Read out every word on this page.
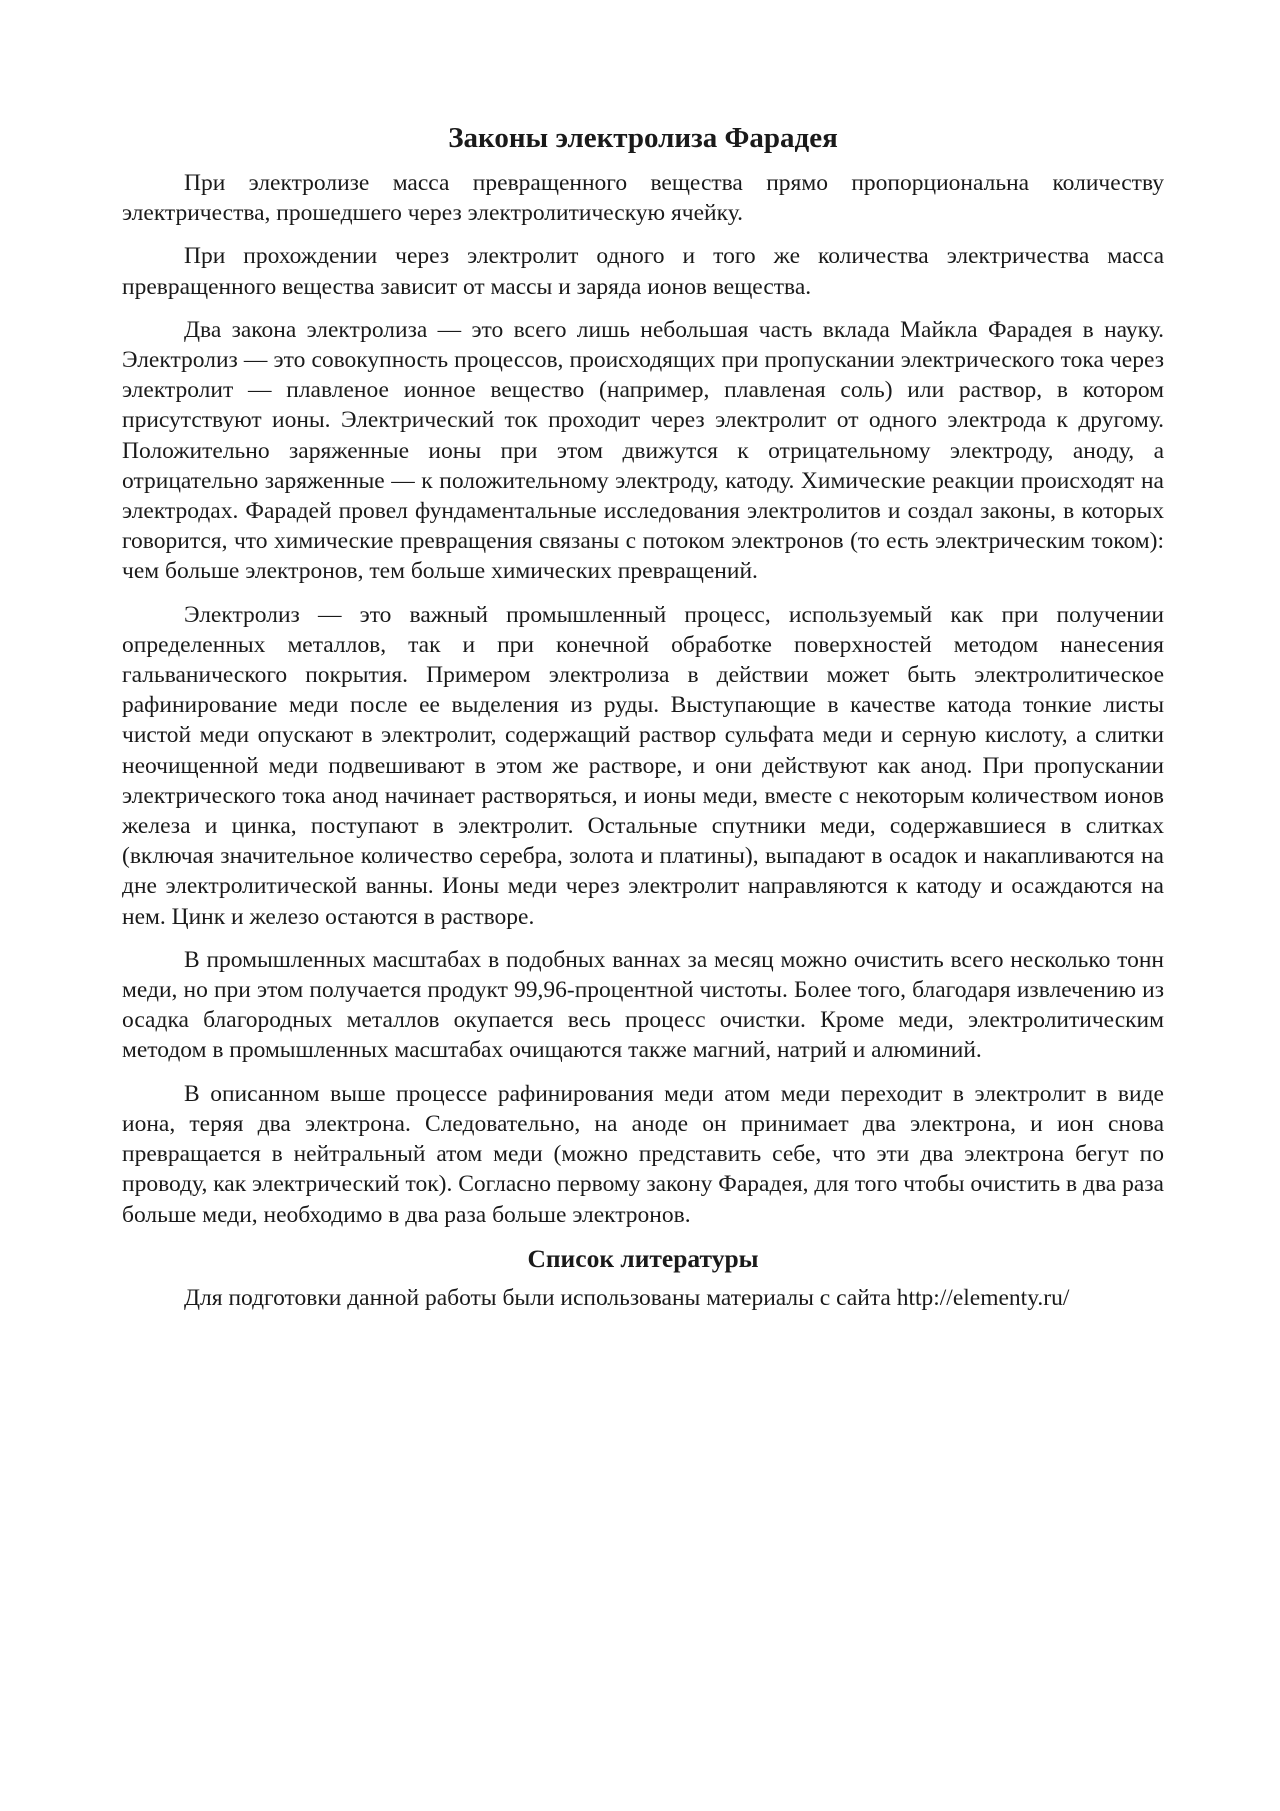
Законы электролиза Фарадея

При электролизе масса превращенного вещества прямо пропорциональна количеству электричества, прошедшего через электролитическую ячейку.

При прохождении через электролит одного и того же количества электричества масса превращенного вещества зависит от массы и заряда ионов вещества.

Два закона электролиза — это всего лишь небольшая часть вклада Майкла Фарадея в науку. Электролиз — это совокупность процессов, происходящих при пропускании электрического тока через электролит — плавленое ионное вещество (например, плавленая соль) или раствор, в котором присутствуют ионы. Электрический ток проходит через электролит от одного электрода к другому. Положительно заряженные ионы при этом движутся к отрицательному электроду, аноду, а отрицательно заряженные — к положительному электроду, катоду. Химические реакции происходят на электродах. Фарадей провел фундаментальные исследования электролитов и создал законы, в которых говорится, что химические превращения связаны с потоком электронов (то есть электрическим током): чем больше электронов, тем больше химических превращений.

Электролиз — это важный промышленный процесс, используемый как при получении определенных металлов, так и при конечной обработке поверхностей методом нанесения гальванического покрытия. Примером электролиза в действии может быть электролитическое рафинирование меди после ее выделения из руды. Выступающие в качестве катода тонкие листы чистой меди опускают в электролит, содержащий раствор сульфата меди и серную кислоту, а слитки неочищенной меди подвешивают в этом же растворе, и они действуют как анод. При пропускании электрического тока анод начинает растворяться, и ионы меди, вместе с некоторым количеством ионов железа и цинка, поступают в электролит. Остальные спутники меди, содержавшиеся в слитках (включая значительное количество серебра, золота и платины), выпадают в осадок и накапливаются на дне электролитической ванны. Ионы меди через электролит направляются к катоду и осаждаются на нем. Цинк и железо остаются в растворе.

В промышленных масштабах в подобных ваннах за месяц можно очистить всего несколько тонн меди, но при этом получается продукт 99,96-процентной чистоты. Более того, благодаря извлечению из осадка благородных металлов окупается весь процесс очистки. Кроме меди, электролитическим методом в промышленных масштабах очищаются также магний, натрий и алюминий.

В описанном выше процессе рафинирования меди атом меди переходит в электролит в виде иона, теряя два электрона. Следовательно, на аноде он принимает два электрона, и ион снова превращается в нейтральный атом меди (можно представить себе, что эти два электрона бегут по проводу, как электрический ток). Согласно первому закону Фарадея, для того чтобы очистить в два раза больше меди, необходимо в два раза больше электронов.

Список литературы

Для подготовки данной работы были использованы материалы с сайта http://elementy.ru/
